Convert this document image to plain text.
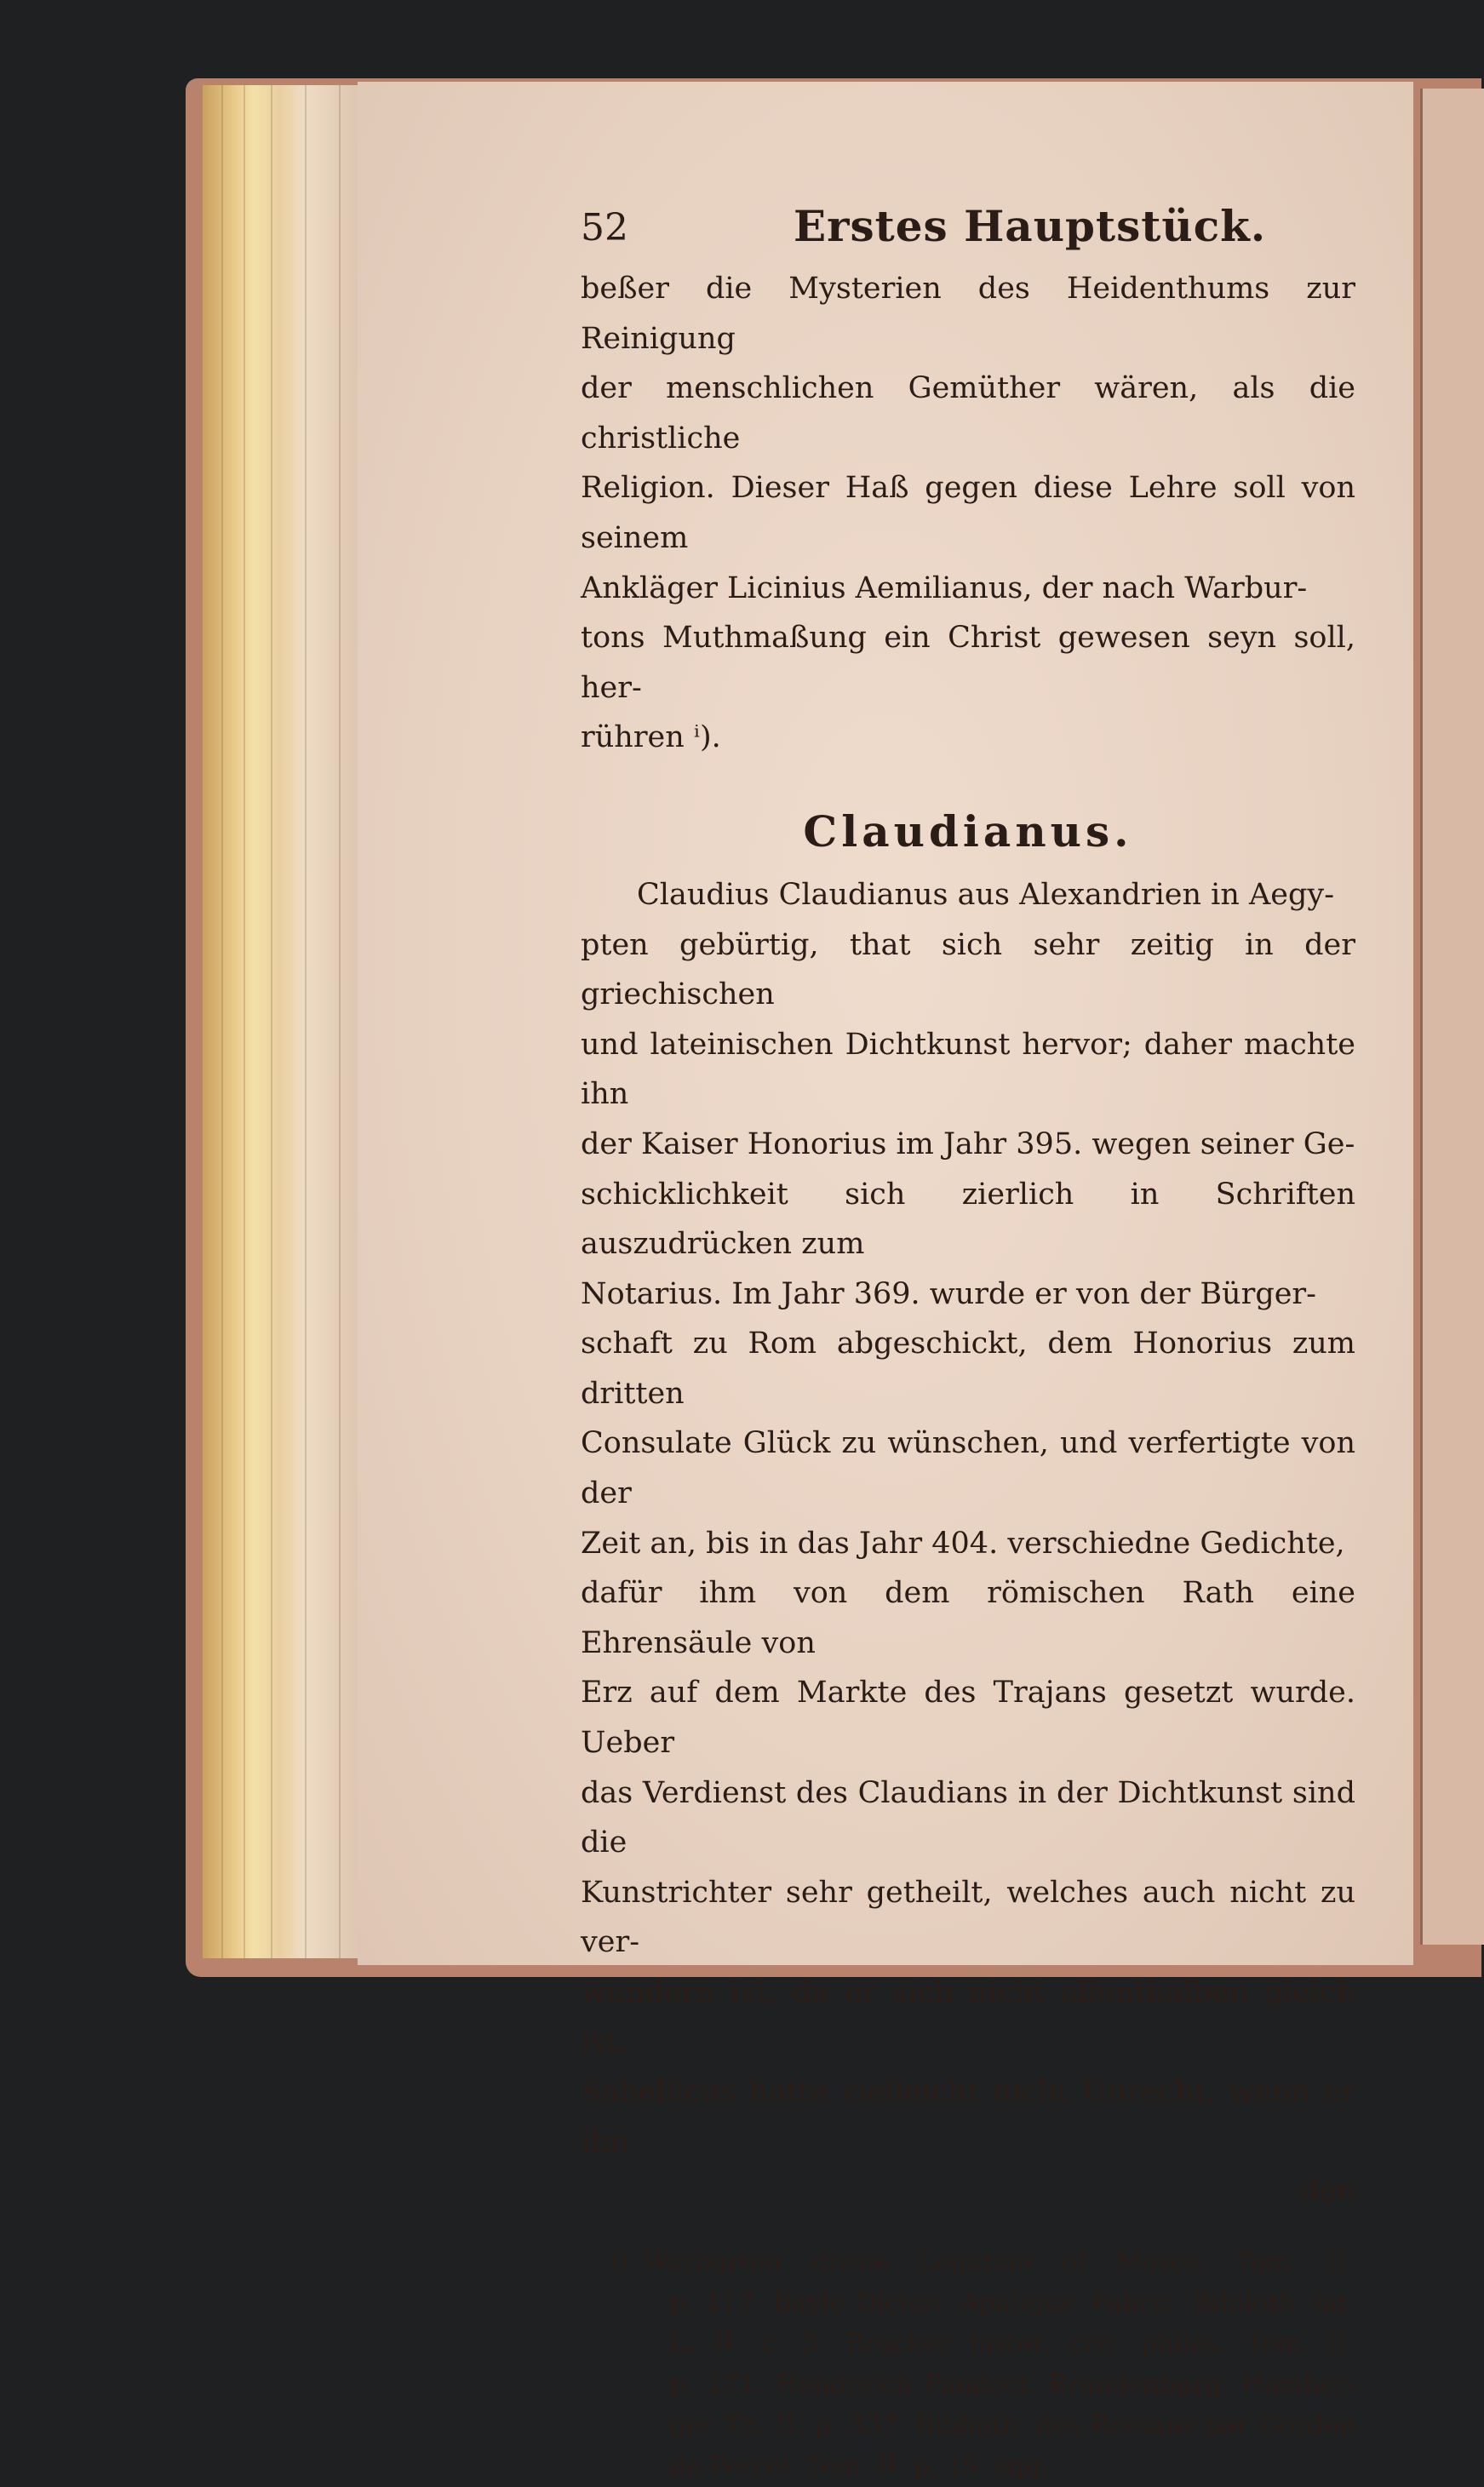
52	Erstes Hauptstück.

beßer die Mysterien des Heidenthums zur Reinigung

der menschlichen Gemüther wären, als die christliche

Religion. Dieser Haß gegen diese Lehre soll von seinem

Ankläger Licinius Aemilianus, der nach Warbur-

tons Muthmaßung ein Christ gewesen seyn soll, her-

rühren ⁱ).

Claudianus.

Claudius Claudianus aus Alexandrien in Aegy-

pten gebürtig, that sich sehr zeitig in der griechischen

und lateinischen Dichtkunst hervor; daher machte ihn

der Kaiser Honorius im Jahr 395. wegen seiner Ge-

schicklichkeit sich zierlich in Schriften auszudrücken zum

Notarius. Im Jahr 369. wurde er von der Bürger-

schaft zu Rom abgeschickt, dem Honorius zum dritten

Consulate Glück zu wünschen, und verfertigte von der

Zeit an, bis in das Jahr 404. verschiedne Gedichte,

dafür ihm von dem römischen Rath eine Ehrensäule von

Erz auf dem Markte des Trajans gesetzt wurde. Ueber

das Verdienst des Claudians in der Dichtkunst sind die

Kunstrichter sehr getheilt, welches auch nicht zu ver-

wundern ist, da er sich nicht allenthalben gleich ist.

Sabellicus hatte vielleicht nicht Unrecht, wenn er ihn

den

i) Warburton divine Legation of Moses, Tom. II.

p. 117. Bayle Dicton. Apulejus. Fabric. Biblioth. lat.

L. II. c. 3. Brucker histor. crit. philos. Tom. II.

p. 171. Hendreich Pandect. Brandenburg. Hamber-

ger Th. II. p. 337. Biblioth. des Romans par Gordon

de Percel. Tom. II. p. 15. sqq.
